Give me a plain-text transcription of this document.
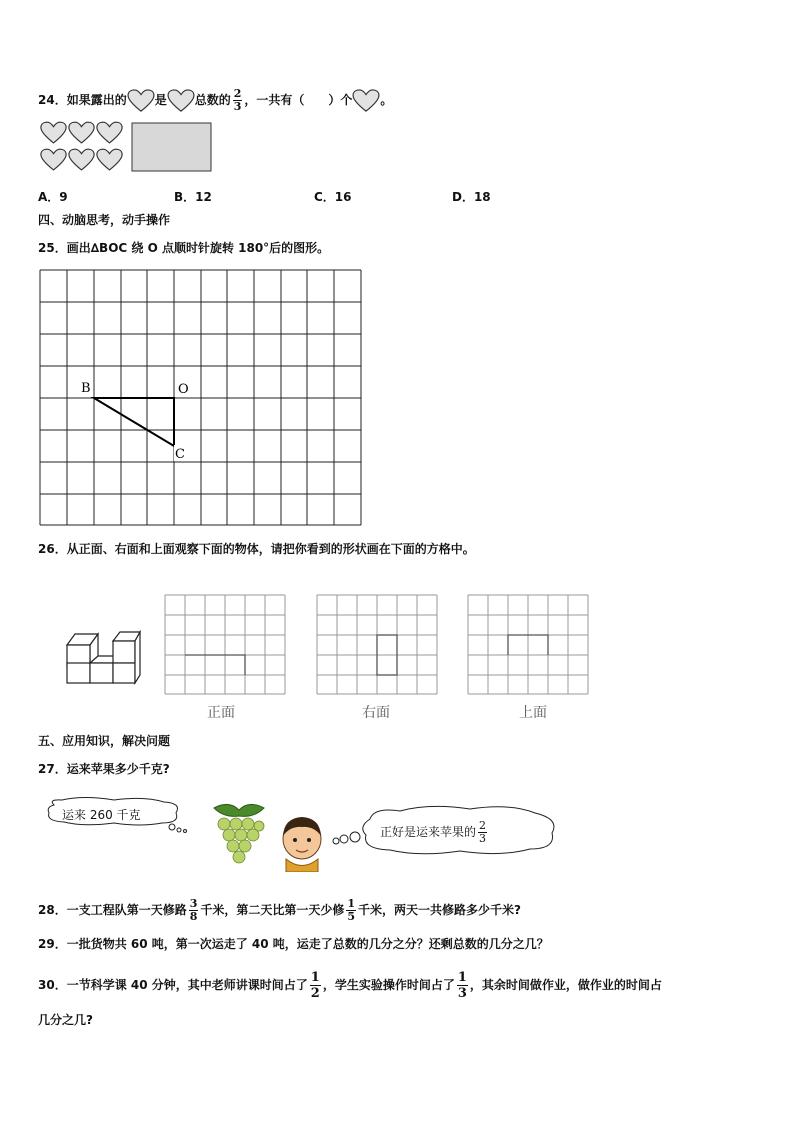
24．如果露出的 是 总数的 $\frac{2}{3}$ ，一共有（　　）个 。
A．9	B．12	C．16	D．18
四、动脑思考，动手操作
25．画出∆BOC 绕 O 点顺时针旋转 180°后的图形。
B	O
C
26．从正面、右面和上面观察下面的物体，请把你看到的形状画在下面的方格中。
正面	右面	上面
五、应用知识，解决问题
27．运来苹果多少千克?
运来 260 千克
正好是运来苹果的 $\frac{2}{3}$
28．一支工程队第一天修路 $\frac{3}{8}$ 千米，第二天比第一天少修 $\frac{1}{5}$ 千米，两天一共修路多少千米?
29．一批货物共 60 吨，第一次运走了 40 吨，运走了总数的几分之分？还剩总数的几分之几？
30．一节科学课 40 分钟，其中老师讲课时间占了 $\frac{1}{2}$ ，学生实验操作时间占了 $\frac{1}{3}$ ，其余时间做作业，做作业的时间占
几分之几?
